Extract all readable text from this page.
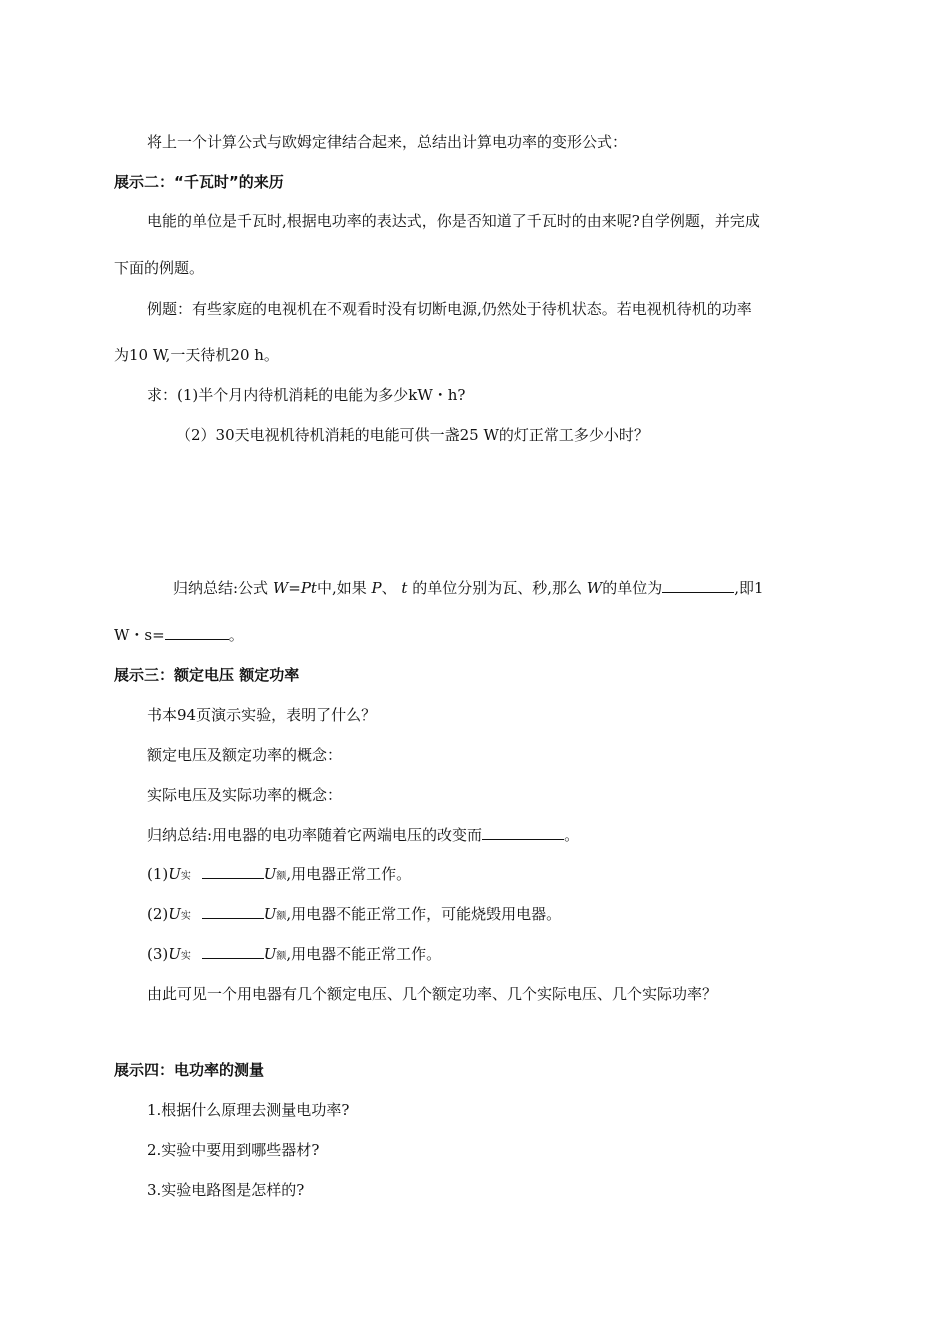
将上一个计算公式与欧姆定律结合起来，总结出计算电功率的变形公式：
展示二：“千瓦时”的来历
电能的单位是千瓦时,根据电功率的表达式，你是否知道了千瓦时的由来呢?自学例题，并完成
下面的例题。
例题：有些家庭的电视机在不观看时没有切断电源,仍然处于待机状态。若电视机待机的功率
为10 W,一天待机20 h。
求：(1)半个月内待机消耗的电能为多少kW・h?
（2）30天电视机待机消耗的电能可供一盏25 W的灯正常工多少小时？
归纳总结:公式 W=Pt中,如果 P、 t 的单位分别为瓦、秒,那么 W的单位为	,即1
W・s=	。
展示三：额定电压 额定功率
书本94页演示实验，表明了什么？
额定电压及额定功率的概念：
实际电压及实际功率的概念：
归纳总结:用电器的电功率随着它两端电压的改变而	。
(1)U实	U额,用电器正常工作。
(2)U实	U额,用电器不能正常工作，可能烧毁用电器。
(3)U实	U额,用电器不能正常工作。
由此可见一个用电器有几个额定电压、几个额定功率、几个实际电压、几个实际功率？
展示四：电功率的测量
1.根据什么原理去测量电功率?
2.实验中要用到哪些器材?
3.实验电路图是怎样的?
